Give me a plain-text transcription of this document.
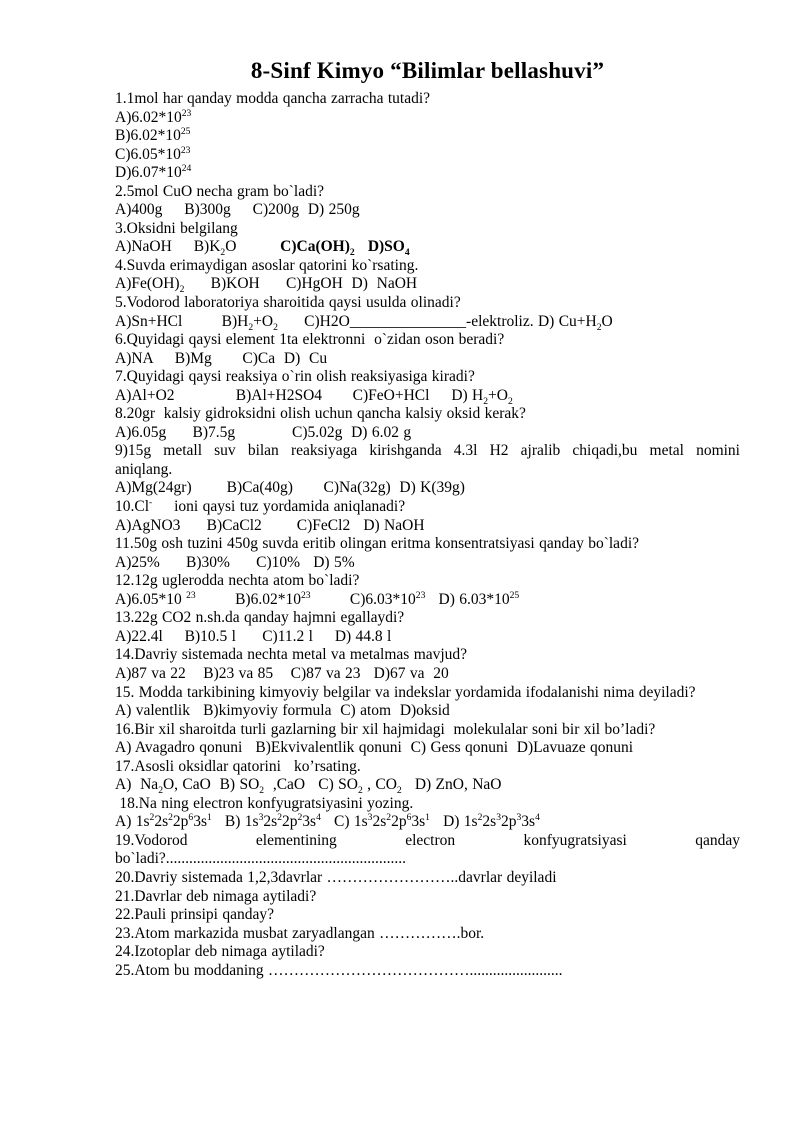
8-Sinf Kimyo “Bilimlar bellashuvi”
1.1mol har qanday modda qancha zarracha tutadi?
$A)6.02*10^{23}$
$B)6.02*10^{25}$
$C)6.05*10^{23}$
$D)6.07*10^{24}$
2.5mol CuO necha gram bo`ladi?
A)400g     B)300g     C)200g  D) 250g
3.Oksidni belgilang
A)NaOH     $B)K_2O$          $C)Ca(OH)_2$   $D)SO_4$
4.Suvda erimaydigan asoslar qatorini ko`rsating.
$A)Fe(OH)_2$      B)KOH      C)HgOH  D)  NaOH
5.Vodorod laboratoriya sharoitida qaysi usulda olinadi?
A)Sn+HCl         $B)H_2+O_2$      C)H2O_______________-elektroliz. D) $Cu+H_2O$
6.Quyidagi qaysi element 1ta elektronni  o`zidan oson beradi?
A)NA     B)Mg       C)Ca  D)  Cu
7.Quyidagi qaysi reaksiya o`rin olish reaksiyasiga kiradi?
A)Al+O2              B)Al+H2SO4       C)FeO+HCl     D) $H_2+O_2$
8.20gr  kalsiy gidroksidni olish uchun qancha kalsiy oksid kerak?
A)6.05g      B)7.5g             C)5.02g  D) 6.02 g
9)15g metall suv bilan reaksiyaga kirishganda 4.3l H2 ajralib chiqadi,bu metal nomini
aniqlang.
A)Mg(24gr)        B)Ca(40g)       C)Na(32g)  D) K(39g)
10.Cl-     ioni qaysi tuz yordamida aniqlanadi?
A)AgNO3      B)CaCl2        C)FeCl2   D) NaOH
11.50g osh tuzini 450g suvda eritib olingan eritma konsentratsiyasi qanday bo`ladi?
A)25%      B)30%      C)10%   D) 5%
12.12g uglerodda nechta atom bo`ladi?
A)6.05*10 $^{23}$         $B)6.02*10^{23}$         $C)6.03*10^{23}$   D) $6.03*10^{25}$
13.22g CO2 n.sh.da qanday hajmni egallaydi?
A)22.4l     B)10.5 l      C)11.2 l     D) 44.8 l
14.Davriy sistemada nechta metal va metalmas mavjud?
A)87 va 22    B)23 va 85    C)87 va 23   D)67 va  20
15. Modda tarkibining kimyoviy belgilar va indekslar yordamida ifodalanishi nima deyiladi?
A) valentlik   B)kimyoviy formula  C) atom  D)oksid
16.Bir xil sharoitda turli gazlarning bir xil hajmidagi  molekulalar soni bir xil bo’ladi?
A) Avagadro qonuni   B)Ekvivalentlik qonuni  C) Gess qonuni  D)Lavuaze qonuni
17.Asosli oksidlar qatorini   ko’rsating.
A)  $Na_2O$, CaO  B) $SO_2$  ,CaO   C) $SO_2$ , $CO_2$   D) ZnO, NaO
18.Na ning electron konfyugratsiyasini yozing.
A) $1s^22s^22p^63s^1$   B) $1s^32s^22p^23s^4$   C) $1s^32s^22p^63s^1$   D) $1s^22s^32p^33s^4$
19.Vodorod elementining electron konfyugratsiyasi qanday
bo`ladi?..............................................................
20.Davriy sistemada 1,2,3davrlar ……………………..davrlar deyiladi
21.Davrlar deb nimaga aytiladi?
22.Pauli prinsipi qanday?
23.Atom markazida musbat zaryadlangan …………….bor.
24.Izotoplar deb nimaga aytiladi?
25.Atom bu moddaning …………………………………........................
